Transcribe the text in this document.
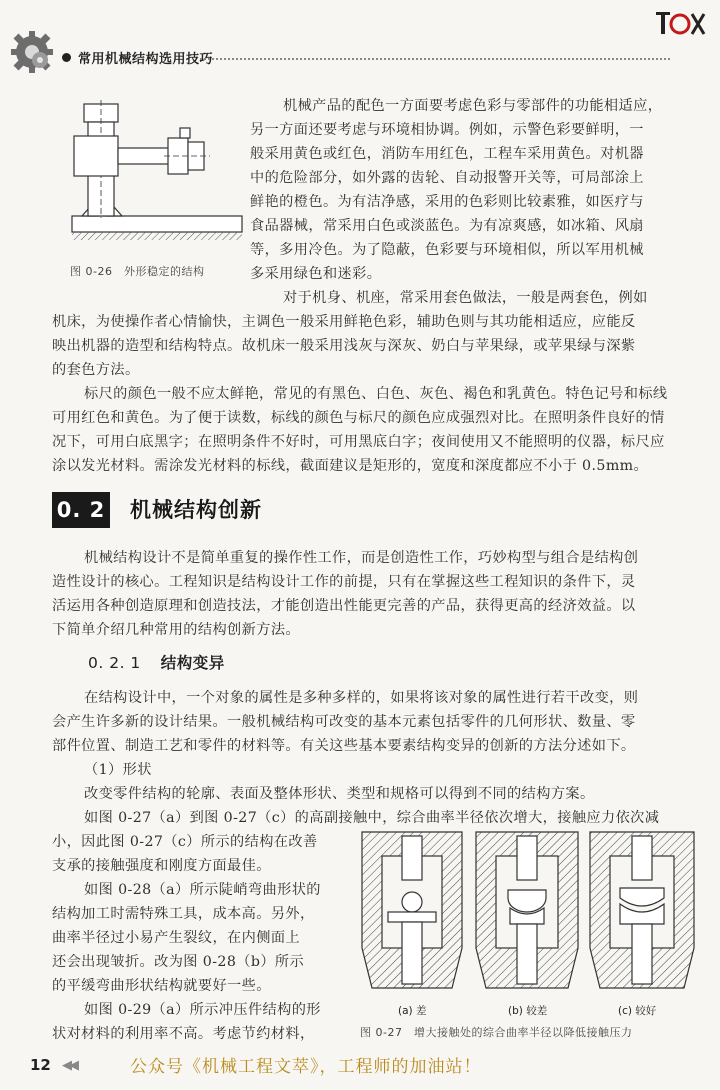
常用机械结构选用技巧
图 0-26　外形稳定的结构
机械产品的配色一方面要考虑色彩与零部件的功能相适应，
另一方面还要考虑与环境相协调。例如，示警色彩要鲜明，一
般采用黄色或红色，消防车用红色，工程车采用黄色。对机器
中的危险部分，如外露的齿轮、自动报警开关等，可局部涂上
鲜艳的橙色。为有洁净感，采用的色彩则比较素雅，如医疗与
食品器械，常采用白色或淡蓝色。为有凉爽感，如冰箱、风扇
等，多用冷色。为了隐蔽，色彩要与环境相似，所以军用机械
多采用绿色和迷彩。
对于机身、机座，常采用套色做法，一般是两套色，例如
机床，为使操作者心情愉快，主调色一般采用鲜艳色彩，辅助色则与其功能相适应，应能反
映出机器的造型和结构特点。故机床一般采用浅灰与深灰、奶白与苹果绿，或苹果绿与深紫
的套色方法。
标尺的颜色一般不应太鲜艳，常见的有黑色、白色、灰色、褐色和乳黄色。特色记号和标线
可用红色和黄色。为了便于读数，标线的颜色与标尺的颜色应成强烈对比。在照明条件良好的情
况下，可用白底黑字；在照明条件不好时，可用黑底白字；夜间使用又不能照明的仪器，标尺应
涂以发光材料。需涂发光材料的标线，截面建议是矩形的，宽度和深度都应不小于 0.5mm。
0. 2 机械结构创新
机械结构设计不是简单重复的操作性工作，而是创造性工作，巧妙构型与组合是结构创
造性设计的核心。工程知识是结构设计工作的前提，只有在掌握这些工程知识的条件下，灵
活运用各种创造原理和创造技法，才能创造出性能更完善的产品，获得更高的经济效益。以
下简单介绍几种常用的结构创新方法。
0. 2. 1 结构变异
在结构设计中，一个对象的属性是多种多样的，如果将该对象的属性进行若干改变，则
会产生许多新的设计结果。一般机械结构可改变的基本元素包括零件的几何形状、数量、零
部件位置、制造工艺和零件的材料等。有关这些基本要素结构变异的创新的方法分述如下。
（1）形状
改变零件结构的轮廓、表面及整体形状、类型和规格可以得到不同的结构方案。
如图 0-27（a）到图 0-27（c）的高副接触中，综合曲率半径依次增大，接触应力依次减
小，因此图 0-27（c）所示的结构在改善
支承的接触强度和刚度方面最佳。
如图 0-28（a）所示陡峭弯曲形状的
结构加工时需特殊工具，成本高。另外，
曲率半径过小易产生裂纹，在内侧面上
还会出现皱折。改为图 0-28（b）所示
的平缓弯曲形状结构就要好一些。
如图 0-29（a）所示冲压件结构的形
状对材料的利用率不高。考虑节约材料，
(a) 差	(b) 较差	(c) 较好
图 0-27　增大接触处的综合曲率半径以降低接触压力
12 ◀◀	公众号《机械工程文萃》，工程师的加油站！
